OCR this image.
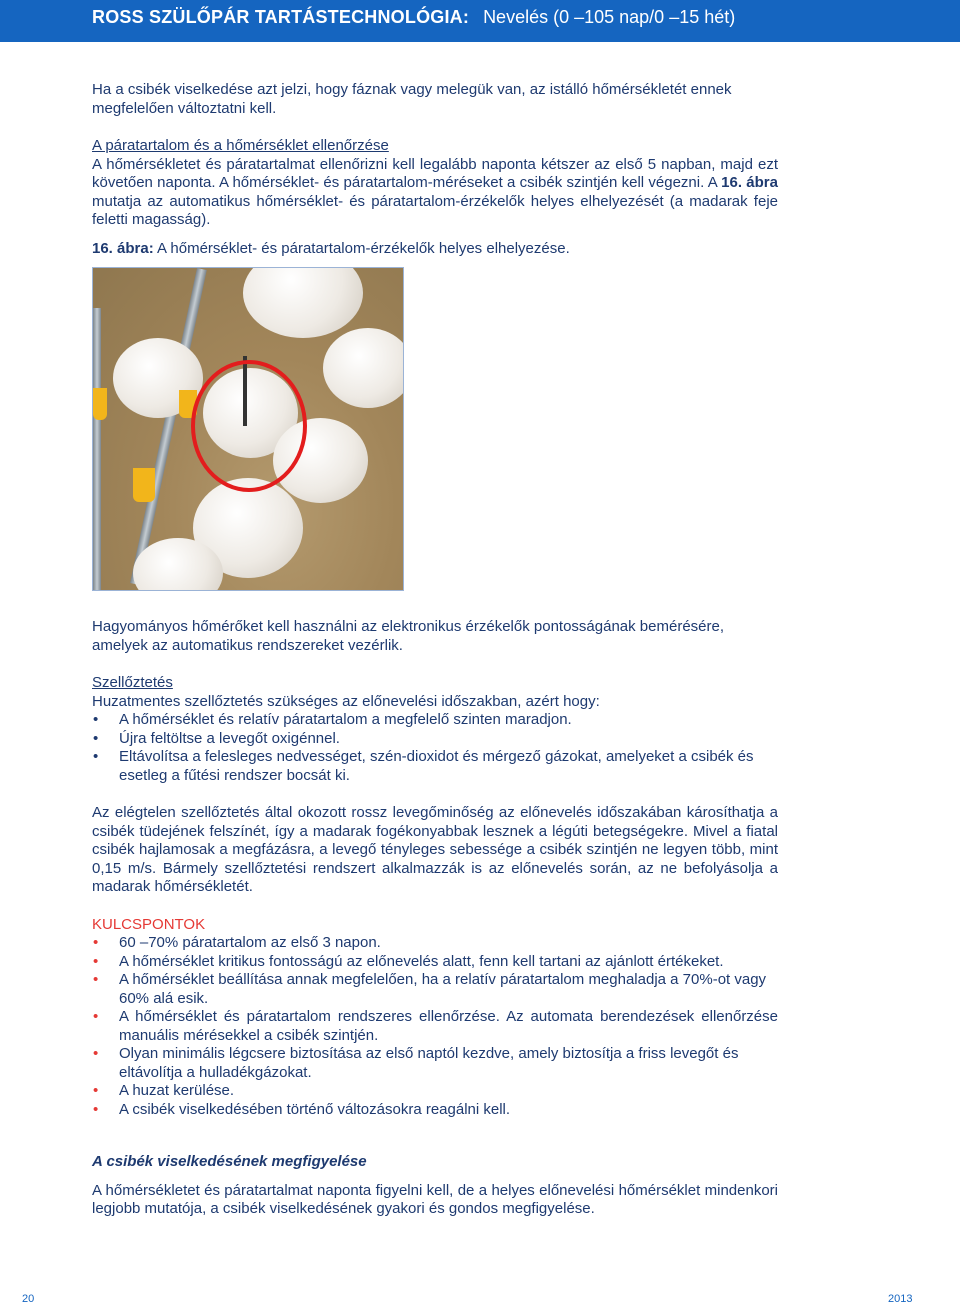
ROSS SZÜLŐPÁR TARTÁSTECHNOLÓGIA: Nevelés (0 –105 nap/0 –15 hét)

Ha a csibék viselkedése azt jelzi, hogy fáznak vagy melegük van, az istálló hőmérsékletét ennek megfelelően változtatni kell.

A páratartalom és a hőmérséklet ellenőrzése

A hőmérsékletet és páratartalmat ellenőrizni kell legalább naponta kétszer az első 5 napban, majd ezt követően naponta. A hőmérséklet- és páratartalom-méréseket a csibék szintjén kell végezni. A 16. ábra mutatja az automatikus hőmérséklet- és páratartalom-érzékelők helyes elhelyezését (a madarak feje feletti magasság).

16. ábra: A hőmérséklet- és páratartalom-érzékelők helyes elhelyezése.

Hagyományos hőmérőket kell használni az elektronikus érzékelők pontosságának bemérésére, amelyek az automatikus rendszereket vezérlik.

Szellőztetés

Huzatmentes szellőztetés szükséges az előnevelési időszakban, azért hogy:

• A hőmérséklet és relatív páratartalom a megfelelő szinten maradjon.
• Újra feltöltse a levegőt oxigénnel.
• Eltávolítsa a felesleges nedvességet, szén-dioxidot és mérgező gázokat, amelyeket a csibék és esetleg a fűtési rendszer bocsát ki.

Az elégtelen szellőztetés által okozott rossz levegőminőség az előnevelés időszakában károsíthatja a csibék tüdejének felszínét, így a madarak fogékonyabbak lesznek a légúti betegségekre. Mivel a fiatal csibék hajlamosak a megfázásra, a levegő tényleges sebessége a csibék szintjén ne legyen több, mint 0,15 m/s. Bármely szellőztetési rendszert alkalmazzák is az előnevelés során, az ne befolyásolja a madarak hőmérsékletét.

KULCSPONTOK

• 60 –70% páratartalom az első 3 napon.
• A hőmérséklet kritikus fontosságú az előnevelés alatt, fenn kell tartani az ajánlott értékeket.
• A hőmérséklet beállítása annak megfelelően, ha a relatív páratartalom meghaladja a 70%-ot vagy 60% alá esik.
• A hőmérséklet és páratartalom rendszeres ellenőrzése. Az automata berendezések ellenőrzése manuális mérésekkel a csibék szintjén.
• Olyan minimális légcsere biztosítása az első naptól kezdve, amely biztosítja a friss levegőt és eltávolítja a hulladékgázokat.
• A huzat kerülése.
• A csibék viselkedésében történő változásokra reagálni kell.

A csibék viselkedésének megfigyelése

A hőmérsékletet és páratartalmat naponta figyelni kell, de a helyes előnevelési hőmérséklet mindenkori legjobb mutatója, a csibék viselkedésének gyakori és gondos megfigyelése.

20	2013
